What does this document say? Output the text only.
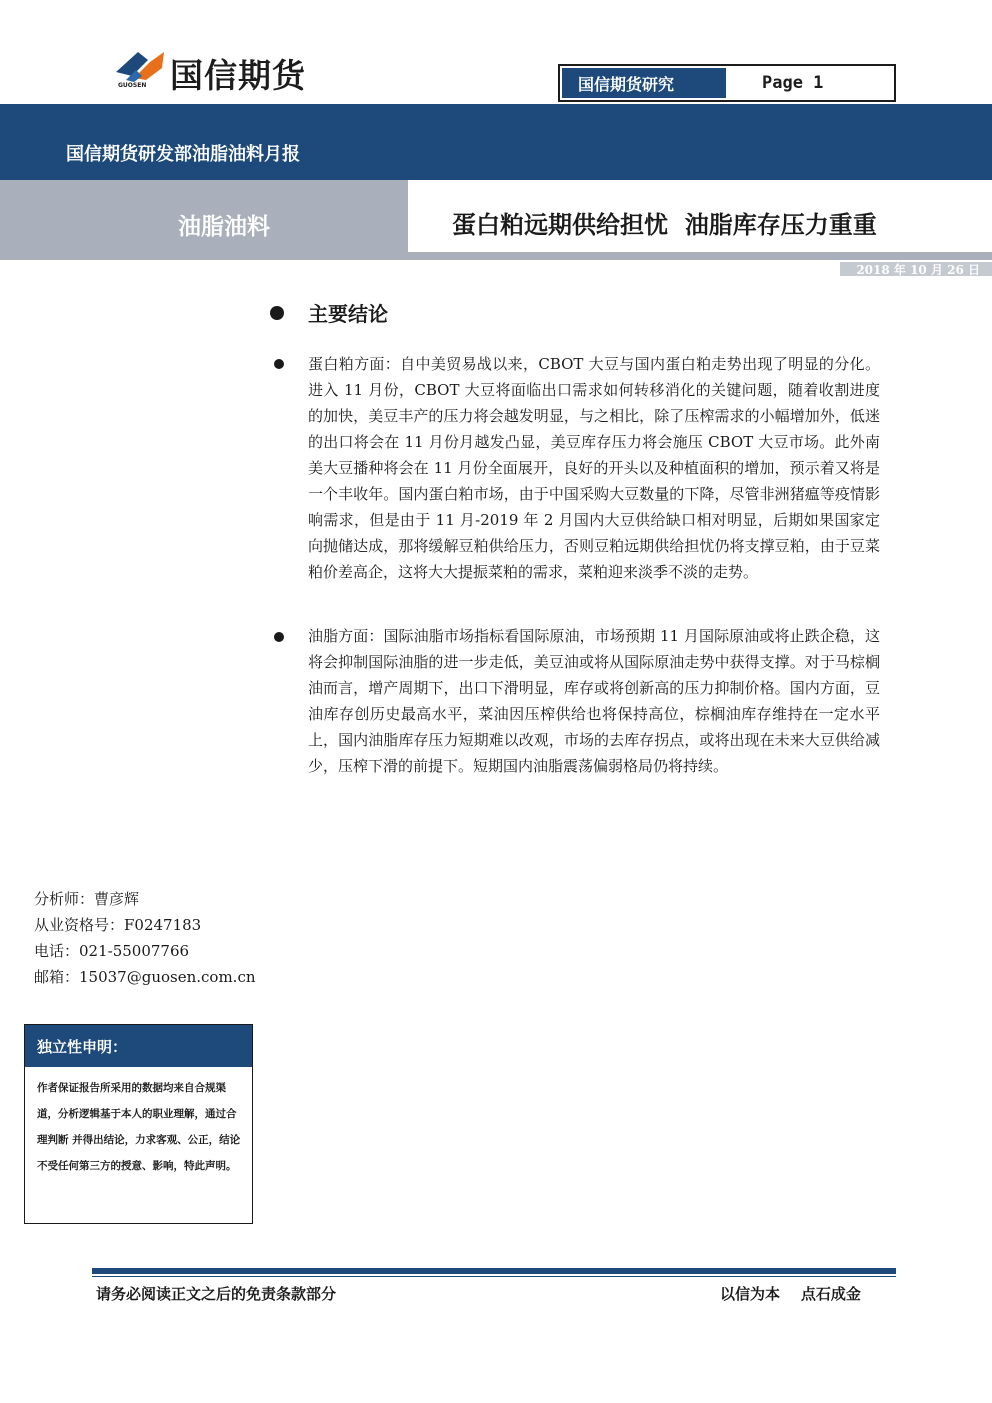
国信期货
GUOSEN	国信期货研究	Page 1
国信期货研发部油脂油料月报
油脂油料	蛋白粕远期供给担忧  油脂库存压力重重
2018 年 10 月 26 日
主要结论
蛋白粕方面：自中美贸易战以来，CBOT 大豆与国内蛋白粕走势出现了明显的分化。进入 11 月份，CBOT 大豆将面临出口需求如何转移消化的关键问题，随着收割进度的加快，美豆丰产的压力将会越发明显，与之相比，除了压榨需求的小幅增加外，低迷的出口将会在 11 月份月越发凸显，美豆库存压力将会施压 CBOT 大豆市场。此外南美大豆播种将会在 11 月份全面展开，良好的开头以及种植面积的增加，预示着又将是一个丰收年。国内蛋白粕市场，由于中国采购大豆数量的下降，尽管非洲猪瘟等疫情影响需求，但是由于 11 月-2019 年 2 月国内大豆供给缺口相对明显，后期如果国家定向抛储达成，那将缓解豆粕供给压力，否则豆粕远期供给担忧仍将支撑豆粕，由于豆菜粕价差高企，这将大大提振菜粕的需求，菜粕迎来淡季不淡的走势。
油脂方面：国际油脂市场指标看国际原油，市场预期 11 月国际原油或将止跌企稳，这将会抑制国际油脂的进一步走低，美豆油或将从国际原油走势中获得支撑。对于马棕榈油而言，增产周期下，出口下滑明显，库存或将创新高的压力抑制价格。国内方面，豆油库存创历史最高水平，菜油因压榨供给也将保持高位，棕榈油库存维持在一定水平上，国内油脂库存压力短期难以改观，市场的去库存拐点，或将出现在未来大豆供给减少，压榨下滑的前提下。短期国内油脂震荡偏弱格局仍将持续。
分析师：曹彦辉
从业资格号：F0247183
电话：021-55007766
邮箱：15037@guosen.com.cn
独立性申明：
作者保证报告所采用的数据均来自合规渠道，分析逻辑基于本人的职业理解，通过合理判断 并得出结论，力求客观、公正，结论不受任何第三方的授意、影响，特此声明。
请务必阅读正文之后的免责条款部分	以信为本    点石成金
